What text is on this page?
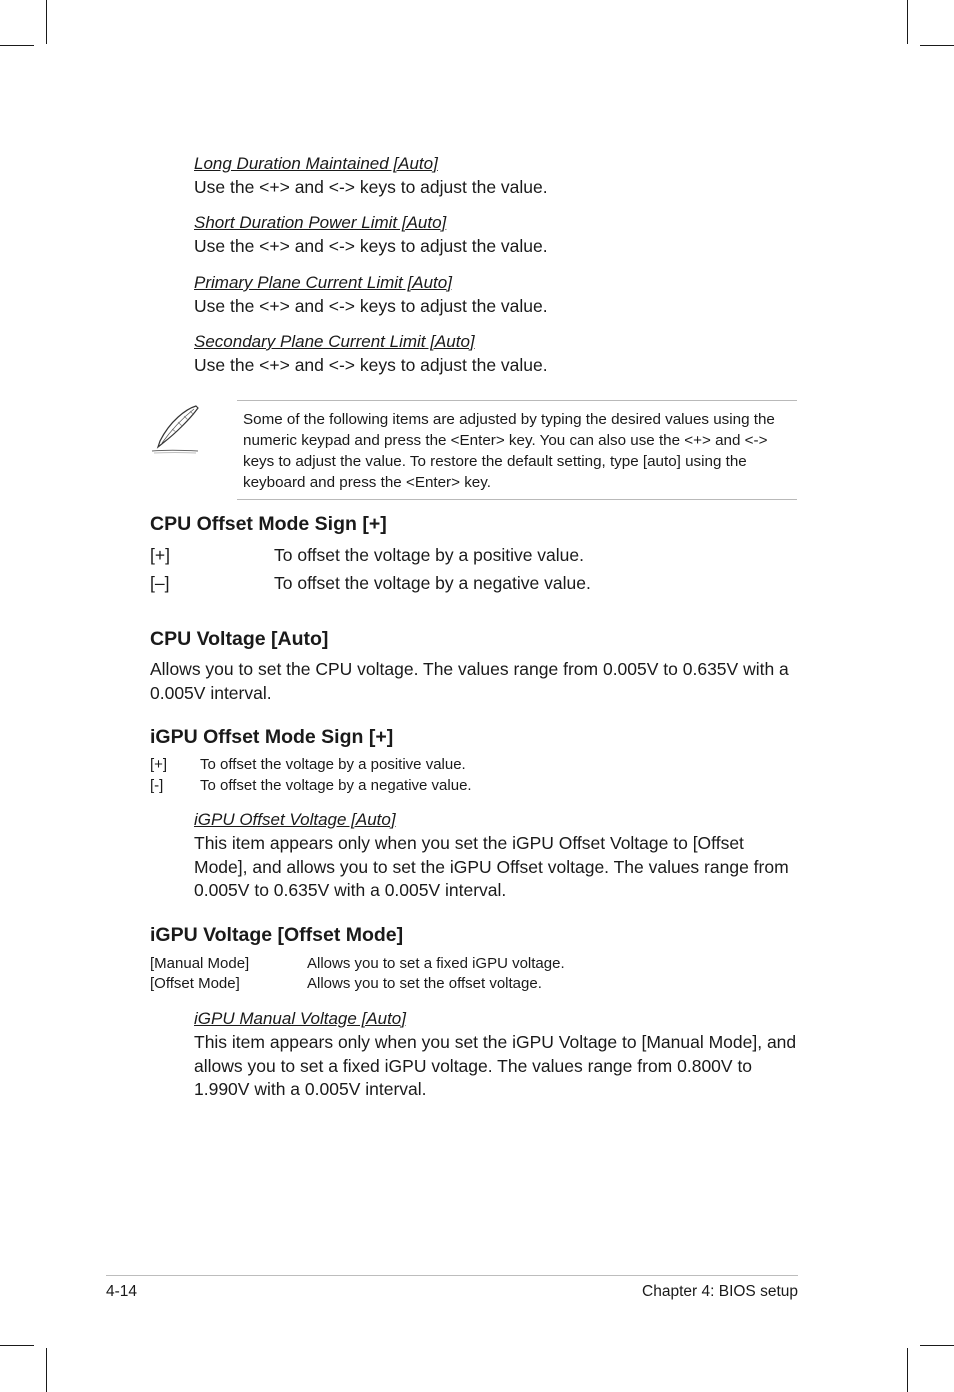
Long Duration Maintained [Auto]

Use the <+> and <-> keys to adjust the value.

Short Duration Power Limit [Auto]

Use the <+> and <-> keys to adjust the value.

Primary Plane Current Limit [Auto]

Use the <+> and <-> keys to adjust the value.

Secondary Plane Current Limit [Auto]

Use the <+> and <-> keys to adjust the value.

Some of the following items are adjusted by typing the desired values using the numeric keypad and press the <Enter> key. You can also use the <+> and <-> keys to adjust the value. To restore the default setting, type [auto] using the keyboard and press the <Enter> key.

CPU Offset Mode Sign [+]
[+]	To offset the voltage by a positive value.
[–]	To offset the voltage by a negative value.
CPU Voltage [Auto]

Allows you to set the CPU voltage. The values range from 0.005V to 0.635V with a 0.005V interval.

iGPU Offset Mode Sign [+]
[+] To offset the voltage by a positive value.
[-] To offset the voltage by a negative value.

iGPU Offset Voltage [Auto]

This item appears only when you set the iGPU Offset Voltage to [Offset Mode], and allows you to set the iGPU Offset voltage. The values range from 0.005V to 0.635V with a 0.005V interval.

iGPU Voltage [Offset Mode]
[Manual Mode]	Allows you to set a fixed iGPU voltage.
[Offset Mode]	Allows you to set the offset voltage.

iGPU Manual Voltage [Auto]

This item appears only when you set the iGPU Voltage to [Manual Mode], and allows you to set a fixed iGPU voltage. The values range from 0.800V to 1.990V with a 0.005V interval.

4-14	Chapter 4: BIOS setup
